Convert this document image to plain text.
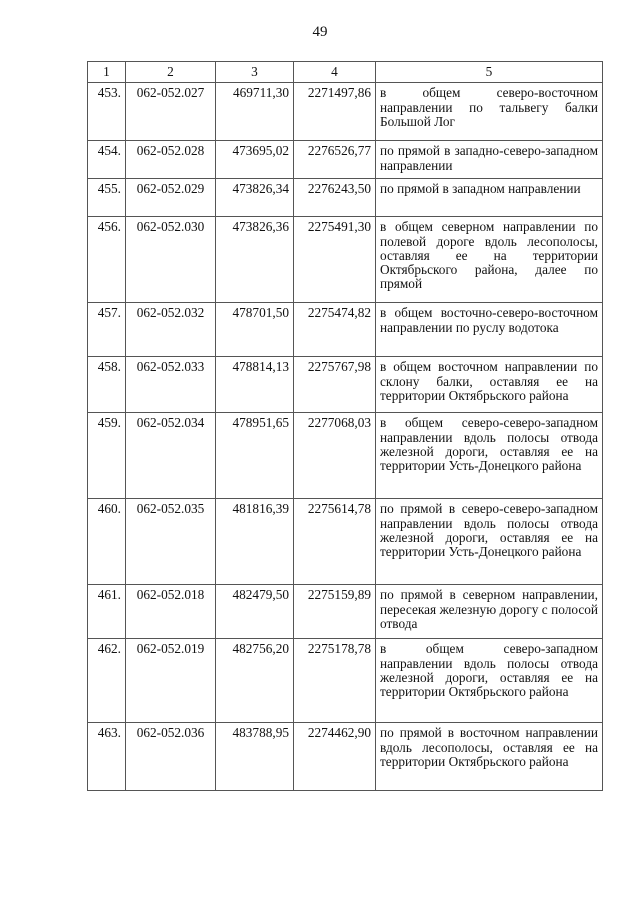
49
1	2	3	4	5
453.	062-052.027	469711,30	2271497,86	в общем северо-восточном направлении по тальвегу балки Большой Лог
454.	062-052.028	473695,02	2276526,77	по прямой в западно-северо-западном направлении
455.	062-052.029	473826,34	2276243,50	по прямой в западном направлении
456.	062-052.030	473826,36	2275491,30	в общем северном направлении по полевой дороге вдоль лесополосы, оставляя ее на территории Октябрьского района, далее по прямой
457.	062-052.032	478701,50	2275474,82	в общем восточно-северо-восточном направлении по руслу водотока
458.	062-052.033	478814,13	2275767,98	в общем восточном направлении по склону балки, оставляя ее на территории Октябрьского района
459.	062-052.034	478951,65	2277068,03	в общем северо-северо-западном направлении вдоль полосы отвода железной дороги, оставляя ее на территории Усть-Донецкого района
460.	062-052.035	481816,39	2275614,78	по прямой в северо-северо-западном направлении вдоль полосы отвода железной дороги, оставляя ее на территории Усть-Донецкого района
461.	062-052.018	482479,50	2275159,89	по прямой в северном направлении, пересекая железную дорогу с полосой отвода
462.	062-052.019	482756,20	2275178,78	в общем северо-западном направлении вдоль полосы отвода железной дороги, оставляя ее на территории Октябрьского района
463.	062-052.036	483788,95	2274462,90	по прямой в восточном направлении вдоль лесополосы, оставляя ее на территории Октябрьского района
